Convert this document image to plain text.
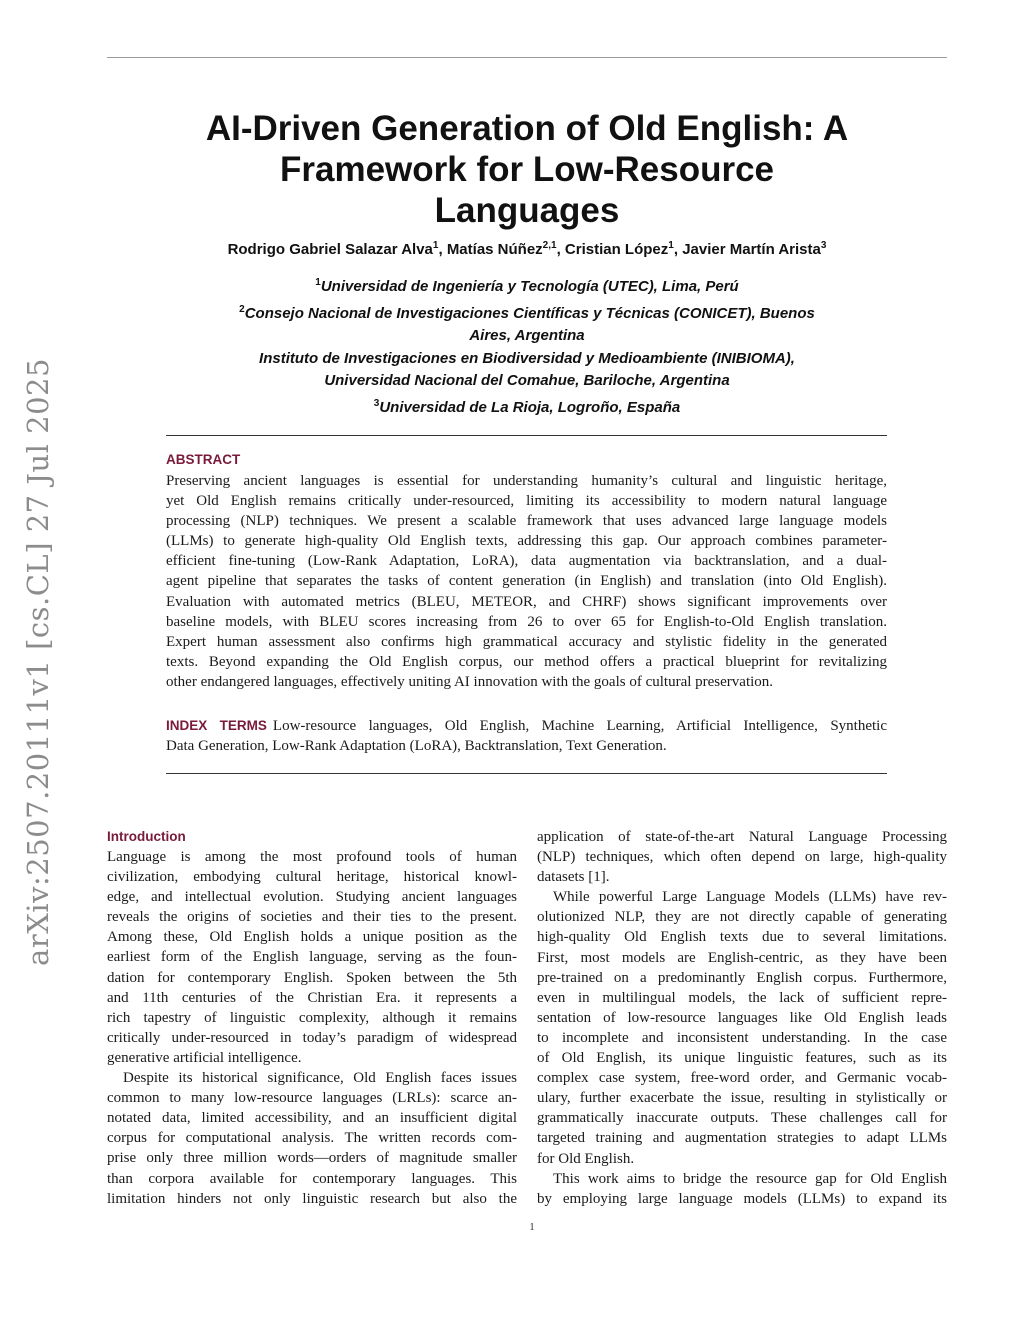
arXiv:2507.20111v1 [cs.CL] 27 Jul 2025
AI-Driven Generation of Old English: A
Framework for Low-Resource
Languages
Rodrigo Gabriel Salazar Alva$^1$, Matías Núñez$^{2,1}$, Cristian López$^1$, Javier Martín Arista$^3$
$^1$Universidad de Ingeniería y Tecnología (UTEC), Lima, Perú
$^2$Consejo Nacional de Investigaciones Científicas y Técnicas (CONICET), Buenos
Aires, Argentina
Instituto de Investigaciones en Biodiversidad y Medioambiente (INIBIOMA),
Universidad Nacional del Comahue, Bariloche, Argentina
$^3$Universidad de La Rioja, Logroño, España
ABSTRACT
Preserving ancient languages is essential for understanding humanity’s cultural and linguistic heritage,
yet Old English remains critically under-resourced, limiting its accessibility to modern natural language
processing (NLP) techniques. We present a scalable framework that uses advanced large language models
(LLMs) to generate high-quality Old English texts, addressing this gap. Our approach combines parameter-
efficient fine-tuning (Low-Rank Adaptation, LoRA), data augmentation via backtranslation, and a dual-
agent pipeline that separates the tasks of content generation (in English) and translation (into Old English).
Evaluation with automated metrics (BLEU, METEOR, and CHRF) shows significant improvements over
baseline models, with BLEU scores increasing from 26 to over 65 for English-to-Old English translation.
Expert human assessment also confirms high grammatical accuracy and stylistic fidelity in the generated
texts. Beyond expanding the Old English corpus, our method offers a practical blueprint for revitalizing
other endangered languages, effectively uniting AI innovation with the goals of cultural preservation.
INDEX TERMS Low-resource languages, Old English, Machine Learning, Artificial Intelligence, Synthetic
Data Generation, Low-Rank Adaptation (LoRA), Backtranslation, Text Generation.
Introduction
Language is among the most profound tools of human
civilization, embodying cultural heritage, historical knowl-
edge, and intellectual evolution. Studying ancient languages
reveals the origins of societies and their ties to the present.
Among these, Old English holds a unique position as the
earliest form of the English language, serving as the foun-
dation for contemporary English. Spoken between the 5th
and 11th centuries of the Christian Era. it represents a
rich tapestry of linguistic complexity, although it remains
critically under-resourced in today’s paradigm of widespread
generative artificial intelligence.
Despite its historical significance, Old English faces issues
common to many low-resource languages (LRLs): scarce an-
notated data, limited accessibility, and an insufficient digital
corpus for computational analysis. The written records com-
prise only three million words—orders of magnitude smaller
than corpora available for contemporary languages. This
limitation hinders not only linguistic research but also the
application of state-of-the-art Natural Language Processing
(NLP) techniques, which often depend on large, high-quality
datasets [1].
While powerful Large Language Models (LLMs) have rev-
olutionized NLP, they are not directly capable of generating
high-quality Old English texts due to several limitations.
First, most models are English-centric, as they have been
pre-trained on a predominantly English corpus. Furthermore,
even in multilingual models, the lack of sufficient repre-
sentation of low-resource languages like Old English leads
to incomplete and inconsistent understanding. In the case
of Old English, its unique linguistic features, such as its
complex case system, free-word order, and Germanic vocab-
ulary, further exacerbate the issue, resulting in stylistically or
grammatically inaccurate outputs. These challenges call for
targeted training and augmentation strategies to adapt LLMs
for Old English.
This work aims to bridge the resource gap for Old English
by employing large language models (LLMs) to expand its
1
